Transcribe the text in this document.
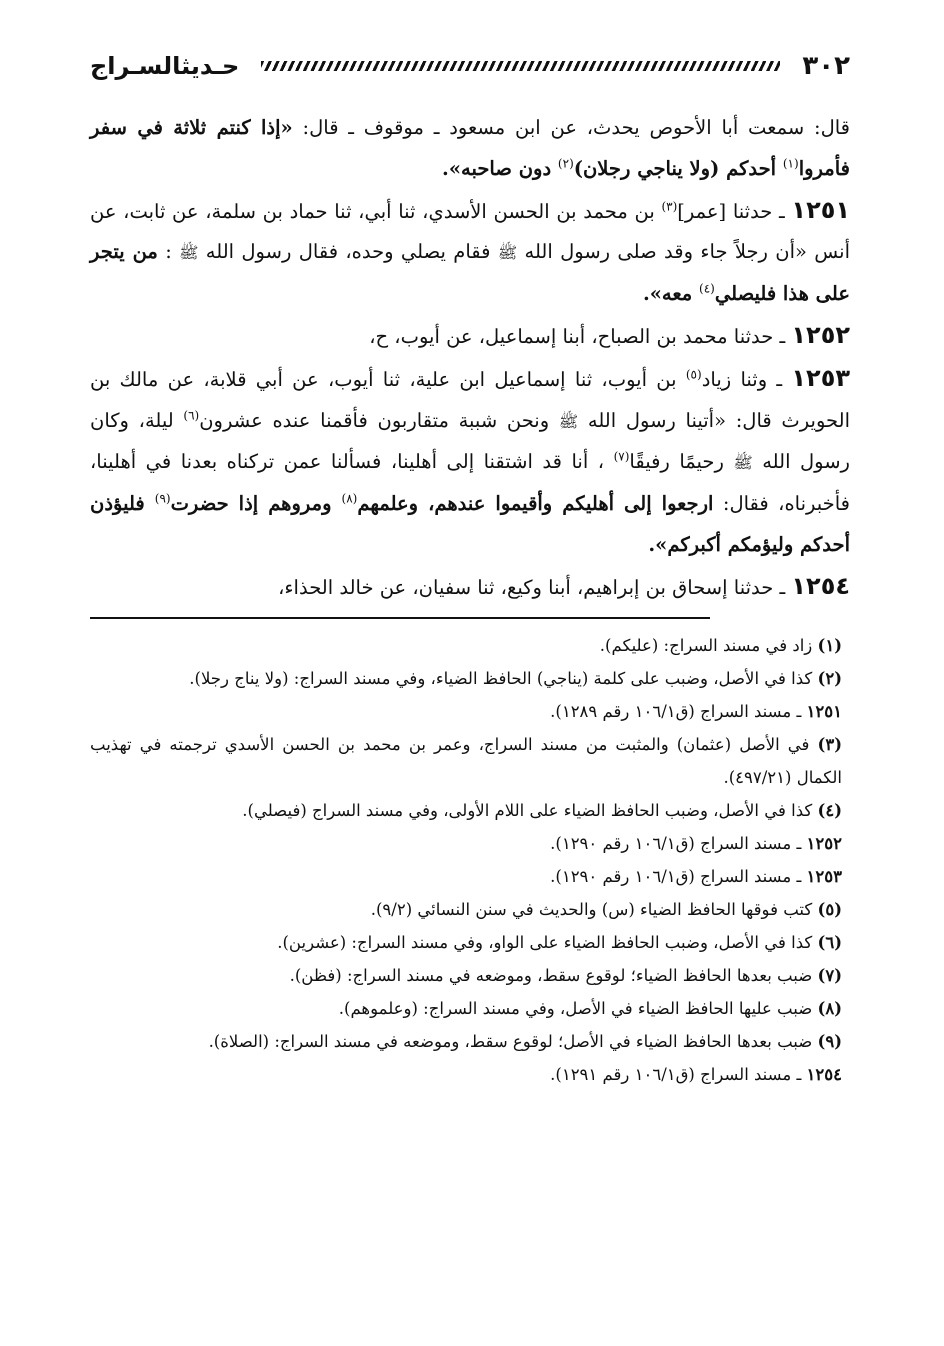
٣٠٢
حـديثالسـراج

قال: سمعت أبا الأحوص يحدث، عن ابن مسعود ـ موقوف ـ قال: «إذا كنتم ثلاثة في سفر فأمروا$^{(١)}$ أحدكم (ولا يناجي رجلان)$^{(٢)}$ دون صاحبه».

١٢٥١ ـ حدثنا [عمر]$^{(٣)}$ بن محمد بن الحسن الأسدي، ثنا أبي، ثنا حماد بن سلمة، عن ثابت، عن أنس «أن رجلاً جاء وقد صلى رسول الله ﷺ فقام يصلي وحده، فقال رسول الله ﷺ : من يتجر على هذا فليصلي$^{(٤)}$ معه».

١٢٥٢ ـ حدثنا محمد بن الصباح، أبنا إسماعيل، عن أيوب، ح،

١٢٥٣ ـ وثنا زياد$^{(٥)}$ بن أيوب، ثنا إسماعيل ابن علية، ثنا أيوب، عن أبي قلابة، عن مالك بن الحويرث قال: «أتينا رسول الله ﷺ ونحن شببة متقاربون فأقمنا عنده عشرون$^{(٦)}$ ليلة، وكان رسول الله ﷺ رحيمًا رفيقًا$^{(٧)}$ ، أنا قد اشتقنا إلى أهلينا، فسألنا عمن تركناه بعدنا في أهلينا، فأخبرناه، فقال: ارجعوا إلى أهليكم وأقيموا عندهم، وعلمهم$^{(٨)}$ ومروهم إذا حضرت$^{(٩)}$ فليؤذن أحدكم وليؤمكم أكبركم».

١٢٥٤ ـ حدثنا إسحاق بن إبراهيم، أبنا وكيع، ثنا سفيان، عن خالد الحذاء،

(١) زاد في مسند السراج: (عليكم).

(٢) كذا في الأصل، وضبب على كلمة (يناجي) الحافظ الضياء، وفي مسند السراج: (ولا يناج رجلا).

١٢٥١ ـ مسند السراج (ق١٠٦/١ رقم ١٢٨٩).

(٣) في الأصل (عثمان) والمثبت من مسند السراج، وعمر بن محمد بن الحسن الأسدي ترجمته في تهذيب الكمال (٤٩٧/٢١).

(٤) كذا في الأصل، وضبب الحافظ الضياء على اللام الأولى، وفي مسند السراج (فيصلي).

١٢٥٢ ـ مسند السراج (ق١٠٦/١ رقم ١٢٩٠).

١٢٥٣ ـ مسند السراج (ق١٠٦/١ رقم ١٢٩٠).

(٥) كتب فوقها الحافظ الضياء (س) والحديث في سنن النسائي (٩/٢).

(٦) كذا في الأصل، وضبب الحافظ الضياء على الواو، وفي مسند السراج: (عشرين).

(٧) ضبب بعدها الحافظ الضياء؛ لوقوع سقط، وموضعه في مسند السراج: (فظن).

(٨) ضبب عليها الحافظ الضياء في الأصل، وفي مسند السراج: (وعلموهم).

(٩) ضبب بعدها الحافظ الضياء في الأصل؛ لوقوع سقط، وموضعه في مسند السراج: (الصلاة).

١٢٥٤ ـ مسند السراج (ق١٠٦/١ رقم ١٢٩١).
